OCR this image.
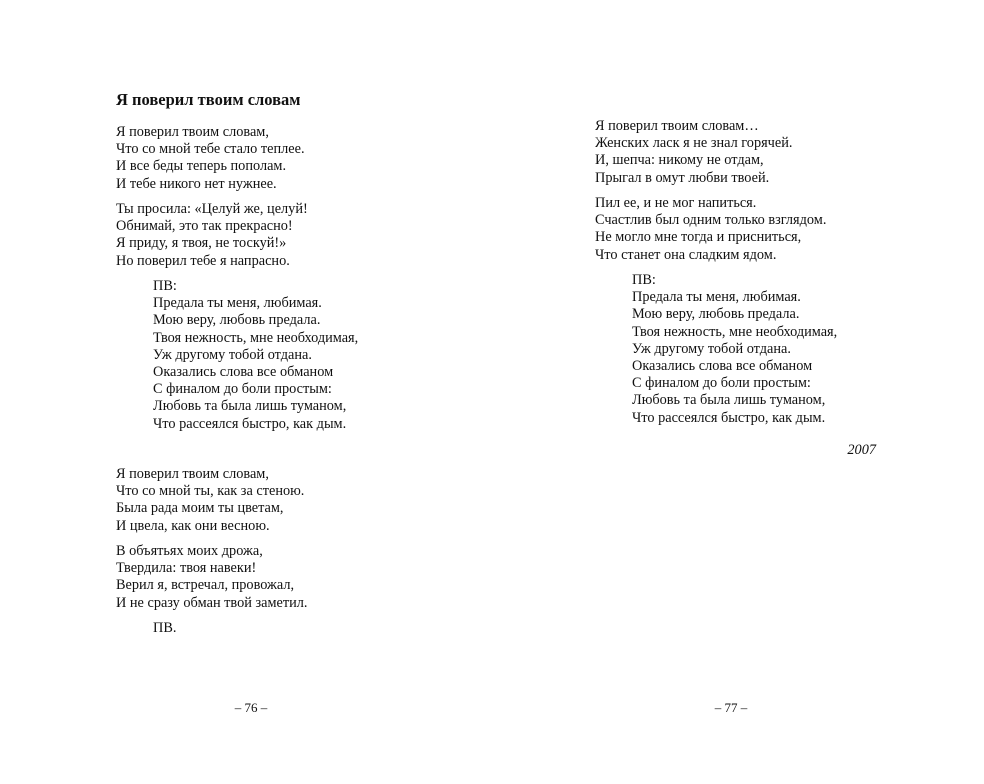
Я поверил твоим словам
Я поверил твоим словам,
Что со мной тебе стало теплее.
И все беды теперь пополам.
И тебе никого нет нужнее.
Ты просила: «Целуй же, целуй!
Обнимай, это так прекрасно!
Я приду, я твоя, не тоскуй!»
Но поверил тебе я напрасно.
ПВ:
Предала ты меня, любимая.
Мою веру, любовь предала.
Твоя нежность, мне необходимая,
Уж другому тобой отдана.
Оказались слова все обманом
С финалом до боли простым:
Любовь та была лишь туманом,
Что рассеялся быстро, как дым.
Я поверил твоим словам,
Что со мной ты, как за стеною.
Была рада моим ты цветам,
И цвела, как они весною.
В объятьях моих дрожа,
Твердила: твоя навеки!
Верил я, встречал, провожал,
И не сразу обман твой заметил.
ПВ.
– 76 –
Я поверил твоим словам…
Женских ласк я не знал горячей.
И, шепча: никому не отдам,
Прыгал в омут любви твоей.
Пил ее, и не мог напиться.
Счастлив был одним только взглядом.
Не могло мне тогда и присниться,
Что станет она сладким ядом.
ПВ:
Предала ты меня, любимая.
Мою веру, любовь предала.
Твоя нежность, мне необходимая,
Уж другому тобой отдана.
Оказались слова все обманом
С финалом до боли простым:
Любовь та была лишь туманом,
Что рассеялся быстро, как дым.
2007
– 77 –
